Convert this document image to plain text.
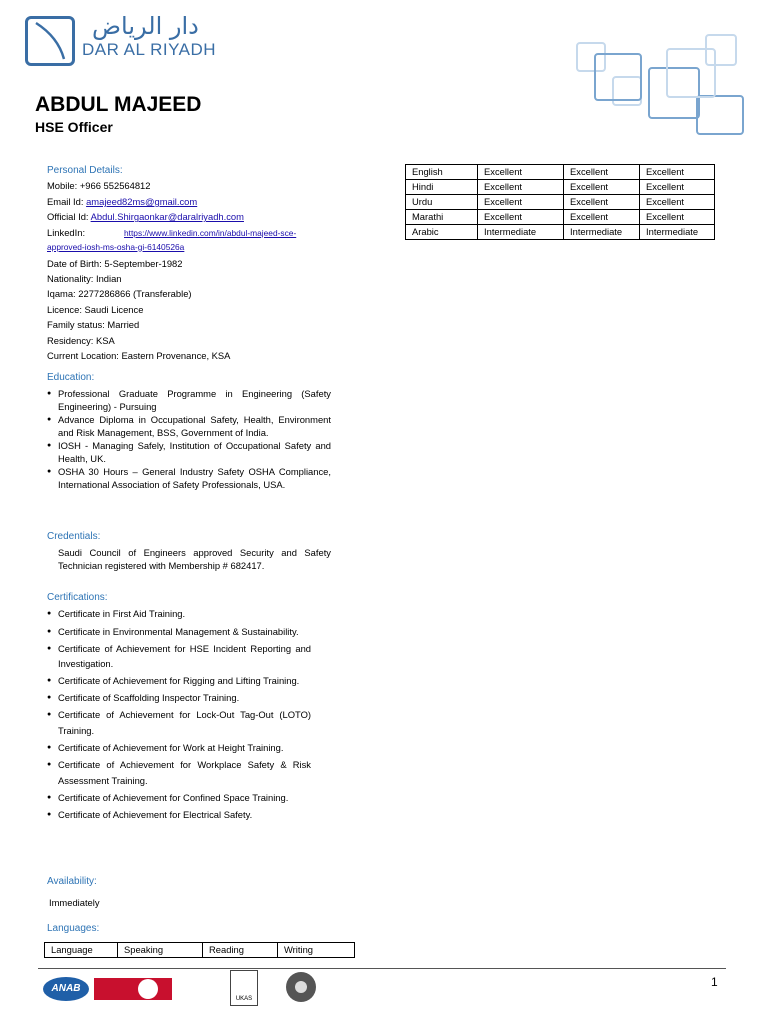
دار الرياض
DAR AL RIYADH
ABDUL MAJEED
HSE Officer
Personal Details:
Mobile: +966 552564812
Email Id: amajeed82ms@gmail.com
Official Id: Abdul.Shirgaonkar@daralriyadh.com
LinkedIn:	https://www.linkedin.com/in/abdul-majeed-sce-
approved-iosh-ms-osha-gi-6140526a
Date of Birth: 5-September-1982
Nationality: Indian
Iqama: 2277286866 (Transferable)
Licence: Saudi Licence
Family status: Married
Residency: KSA
Current Location: Eastern Provenance, KSA
Education:
● Professional Graduate Programme in Engineering (Safety Engineering) - Pursuing
● Advance Diploma in Occupational Safety, Health, Environment and Risk Management, BSS, Government of India.
● IOSH - Managing Safely, Institution of Occupational Safety and Health, UK.
● OSHA 30 Hours – General Industry Safety OSHA Compliance, International Association of Safety Professionals, USA.
Credentials:
Saudi Council of Engineers approved Security and Safety Technician registered with Membership # 682417.
Certifications:
● Certificate in First Aid Training.
● Certificate in Environmental Management & Sustainability.
● Certificate of Achievement for HSE Incident Reporting and Investigation.
● Certificate of Achievement for Rigging and Lifting Training.
● Certificate of Scaffolding Inspector Training.
● Certificate of Achievement for Lock-Out Tag-Out (LOTO) Training.
● Certificate of Achievement for Work at Height Training.
● Certificate of Achievement for Workplace Safety & Risk Assessment Training.
● Certificate of Achievement for Confined Space Training.
● Certificate of Achievement for Electrical Safety.
Availability:
Immediately
Languages:
Language	Speaking	Reading	Writing
English	Excellent	Excellent	Excellent
Hindi	Excellent	Excellent	Excellent
Urdu	Excellent	Excellent	Excellent
Marathi	Excellent	Excellent	Excellent
Arabic	Intermediate	Intermediate	Intermediate
ANAB
UKAS
1
